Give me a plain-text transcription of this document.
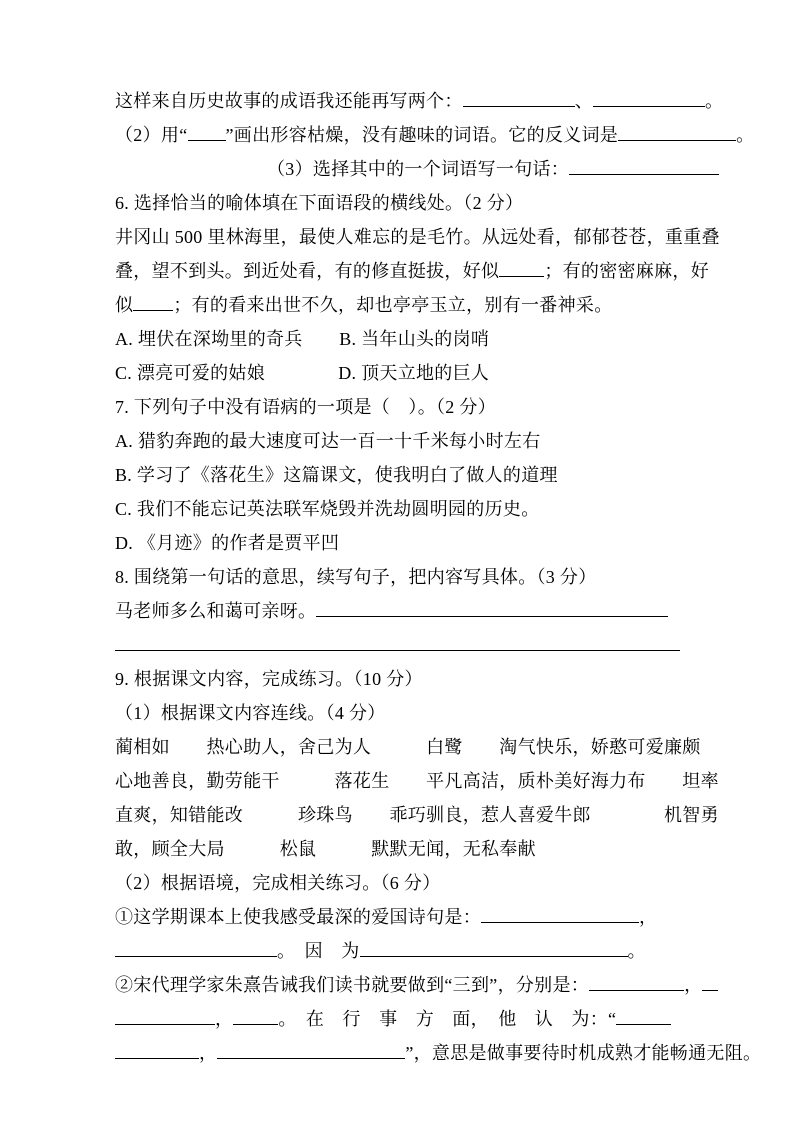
这样来自历史故事的成语我还能再写两个：	、	。
（2）用“ ”画出形容枯燥，没有趣味的词语。它的反义词是	。
（3）选择其中的一个词语写一句话：
6. 选择恰当的喻体填在下面语段的横线处。（2 分）
井冈山 500 里林海里，最使人难忘的是毛竹。从远处看，郁郁苍苍，重重叠
叠，望不到头。到近处看，有的修直挺拔，好似	；有的密密麻麻，好
似 ；有的看来出世不久，却也亭亭玉立，别有一番神采。
A. 埋伏在深坳里的奇兵　　B. 当年山头的岗哨
C. 漂亮可爱的姑娘　　　　D. 顶天立地的巨人
7. 下列句子中没有语病的一项是（　）。（2 分）
A. 猎豹奔跑的最大速度可达一百一十千米每小时左右
B. 学习了《落花生》这篇课文，使我明白了做人的道理
C. 我们不能忘记英法联军烧毁并洗劫圆明园的历史。
D. 《月迹》的作者是贾平凹
8. 围绕第一句话的意思，续写句子，把内容写具体。（3 分）
马老师多么和蔼可亲呀。
9. 根据课文内容，完成练习。（10 分）
（1）根据课文内容连线。（4 分）
蔺相如　　热心助人，舍己为人　　　白鹭　　淘气快乐，娇憨可爱廉颇
心地善良，勤劳能干　　　落花生　　平凡高洁，质朴美好海力布　　坦率
直爽，知错能改　　　珍珠鸟　　乖巧驯良，惹人喜爱牛郎　　　　机智勇
敢，顾全大局　　　松鼠　　　默默无闻，无私奉献
（2）根据语境，完成相关练习。（6 分）
①这学期课本上使我感受最深的爱国诗句是：	，
。　因　为	。
②宋代理学家朱熹告诫我们读书就要做到“三到”，分别是：	，
，	。　在　行　事　方　面，　他　认　为：“
，	”，意思是做事要待时机成熟才能畅通无阻。
